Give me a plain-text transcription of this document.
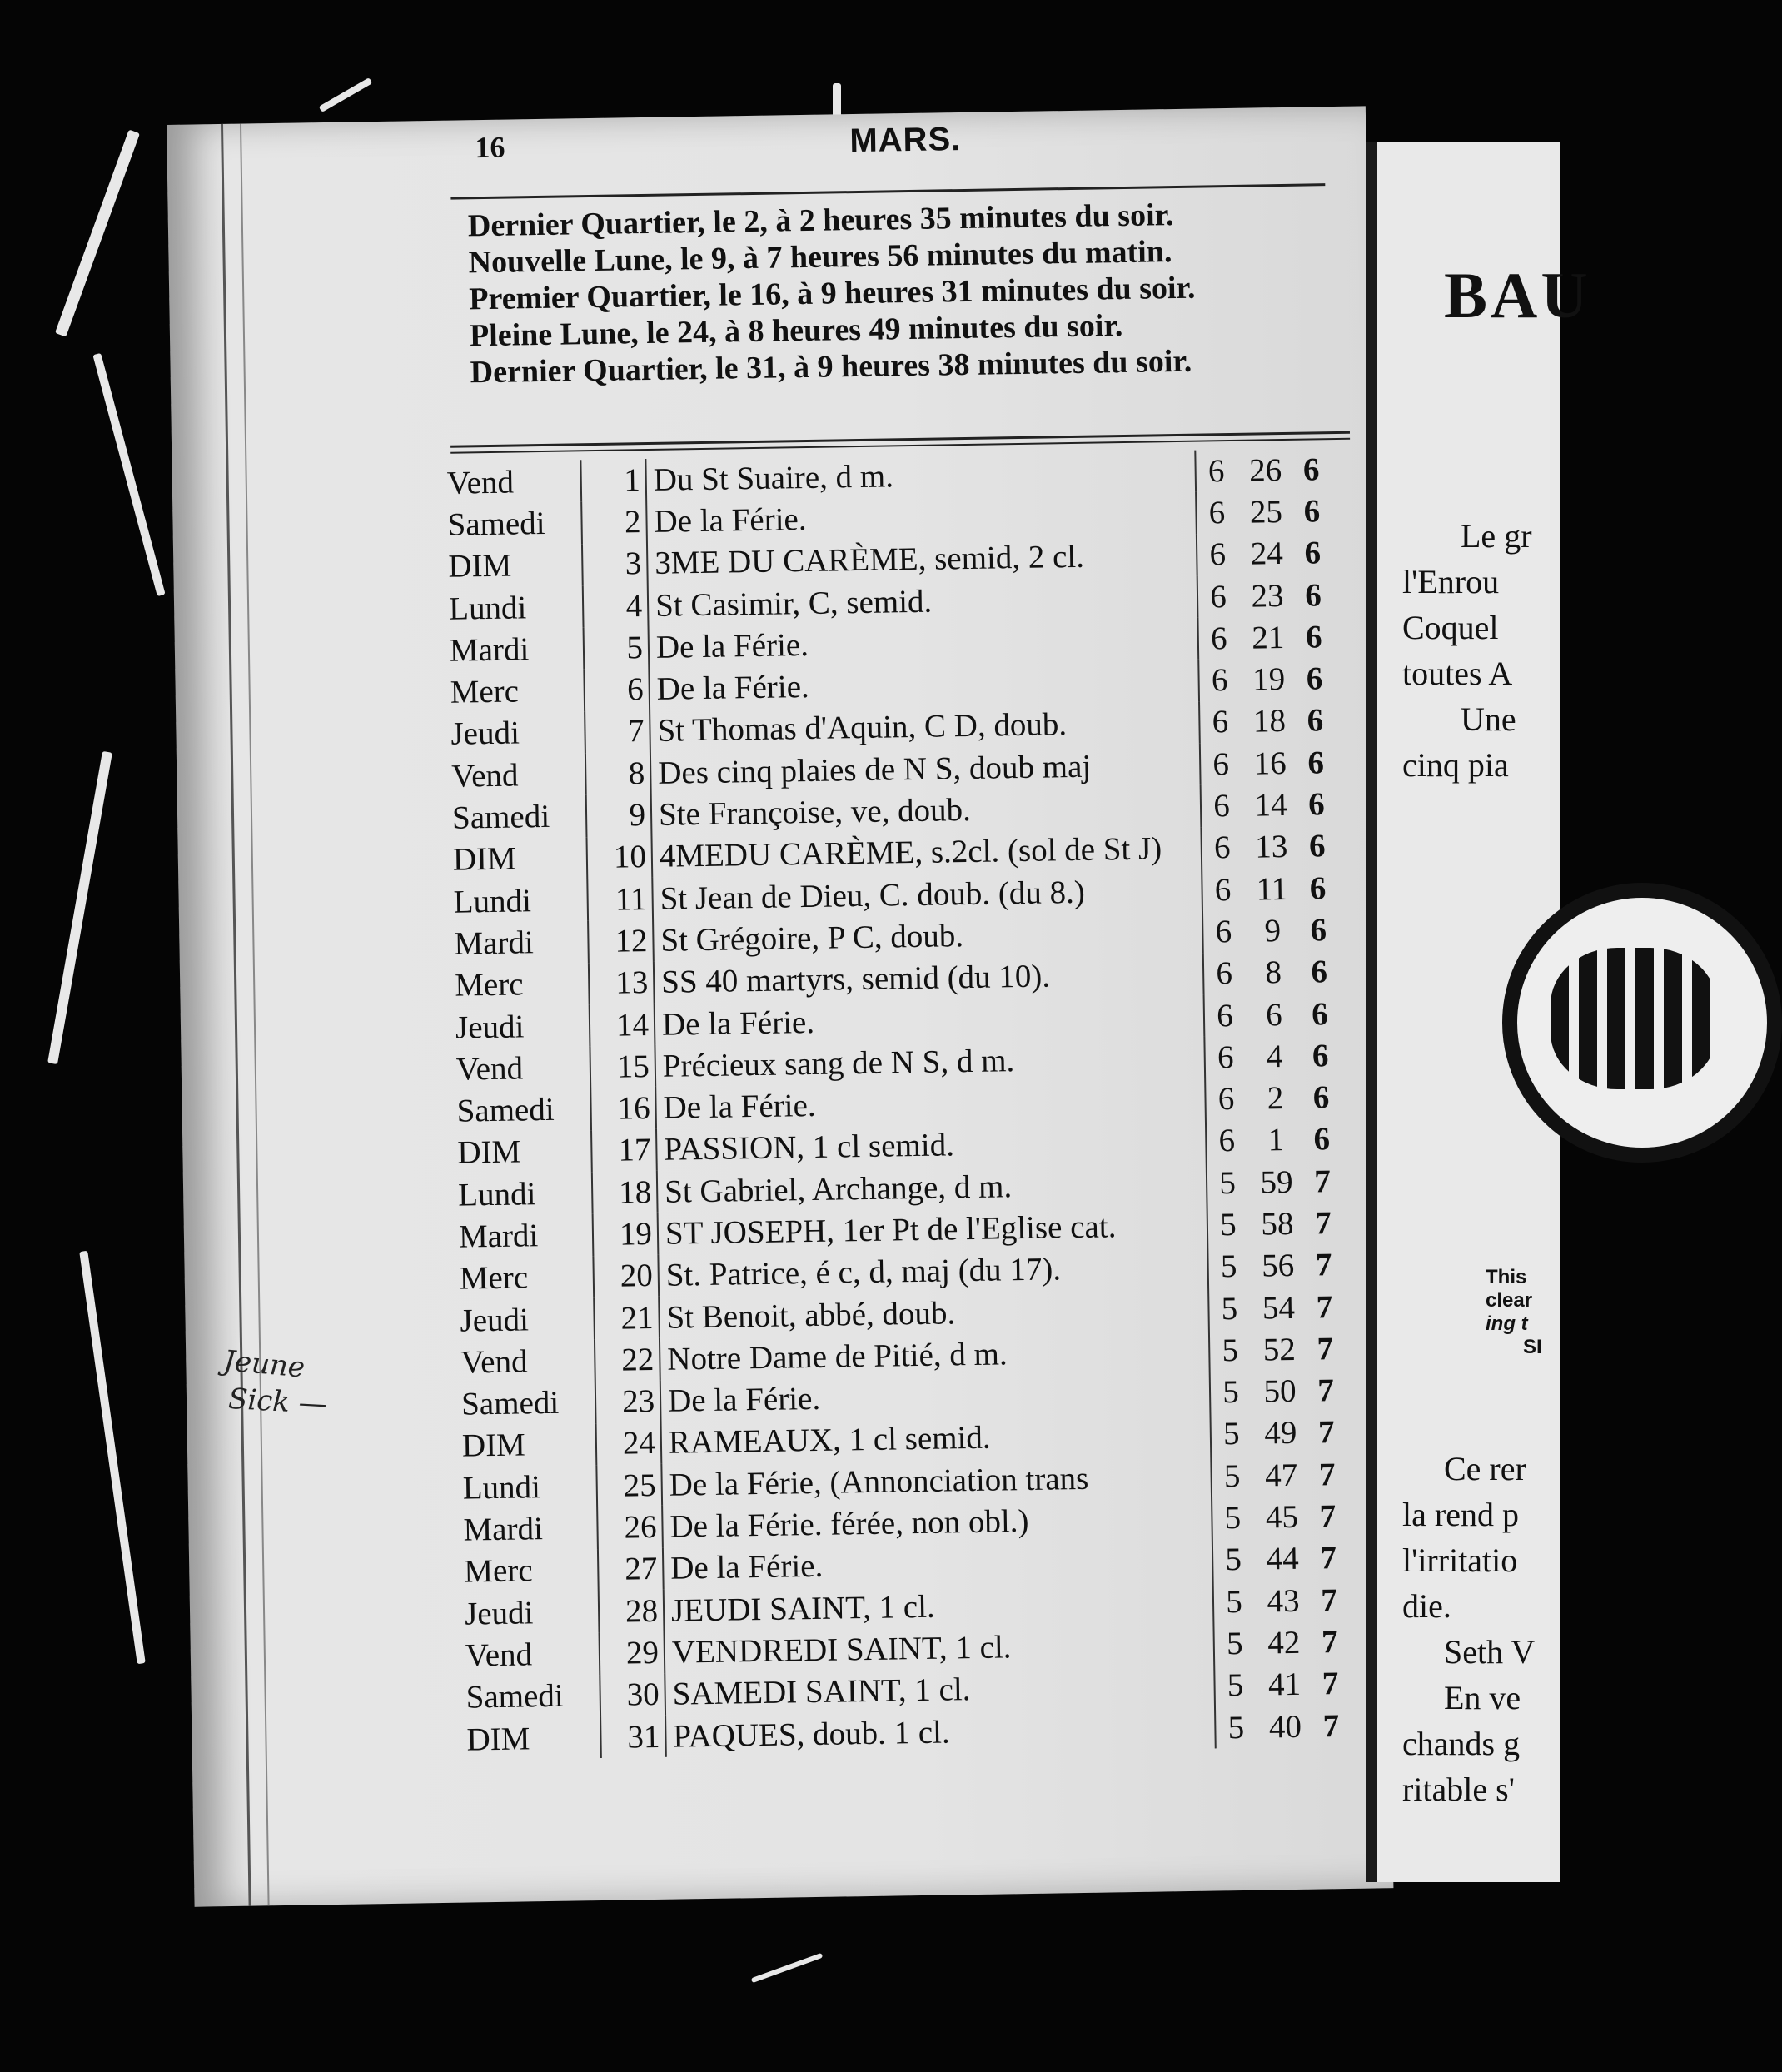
16	MARS.
Dernier Quartier, le 2, à 2 heures 35 minutes du soir.
Nouvelle Lune, le 9, à 7 heures 56 minutes du matin.
Premier Quartier, le 16, à 9 heures 31 minutes du soir.
Pleine Lune, le 24, à 8 heures 49 minutes du soir.
Dernier Quartier, le 31, à 9 heures 38 minutes du soir.
Vend	1 Du St Suaire, d m.	6 26 6
Samedi	2 De la Férie.	6 25 6
DIM	3 3ME DU CARÈME, semid, 2 cl.	6 24 6
Lundi	4 St Casimir, C, semid.	6 23 6
Mardi	5 De la Férie.	6 21 6
Merc	6 De la Férie.	6 19 6
Jeudi	7 St Thomas d'Aquin, C D, doub.	6 18 6
Vend	8 Des cinq plaies de N S, doub maj	6 16 6
Samedi	9 Ste Françoise, ve, doub.	6 14 6
DIM	10 4MEDU CARÈME, s.2cl. (sol de St J)	6 13 6
Lundi	11 St Jean de Dieu, C. doub. (du 8.)	6 11 6
Mardi	12 St Grégoire, P C, doub.	6 9 6
Merc	13 SS 40 martyrs, semid (du 10).	6 8 6
Jeudi	14 De la Férie.	6 6 6
Vend	15 Précieux sang de N S, d m.	6 4 6
Samedi	16 De la Férie.	6 2 6
DIM	17 PASSION, 1 cl semid.	6 1 6
Lundi	18 St Gabriel, Archange, d m.	5 59 7
Mardi	19 ST JOSEPH, 1er Pt de l'Eglise cat.	5 58 7
Merc	20 St. Patrice, é c, d, maj (du 17).	5 56 7
Jeudi	21 St Benoit, abbé, doub.	5 54 7
Vend	22 Notre Dame de Pitié, d m.	5 52 7
Samedi	23 De la Férie.	5 50 7
DIM	24 RAMEAUX, 1 cl semid.	5 49 7
Lundi	25 De la Férie, (Annonciation trans	5 47 7
Mardi	26 De la Férie. férée, non obl.)	5 45 7
Merc	27 De la Férie.	5 44 7
Jeudi	28 JEUDI SAINT, 1 cl.	5 43 7
Vend	29 VENDREDI SAINT, 1 cl.	5 42 7
Samedi	30 SAMEDI SAINT, 1 cl.	5 41 7
DIM	31 PAQUES, doub. 1 cl.	5 40 7
Jeune
Sick —
BAU
Le gr
l'Enrou
Coquel
toutes A
Une
cinq pia
This
clear
ing t
SI
Ce rer
la rend p
l'irritatio
die.
Seth V
En ve
chands g
ritable s'
